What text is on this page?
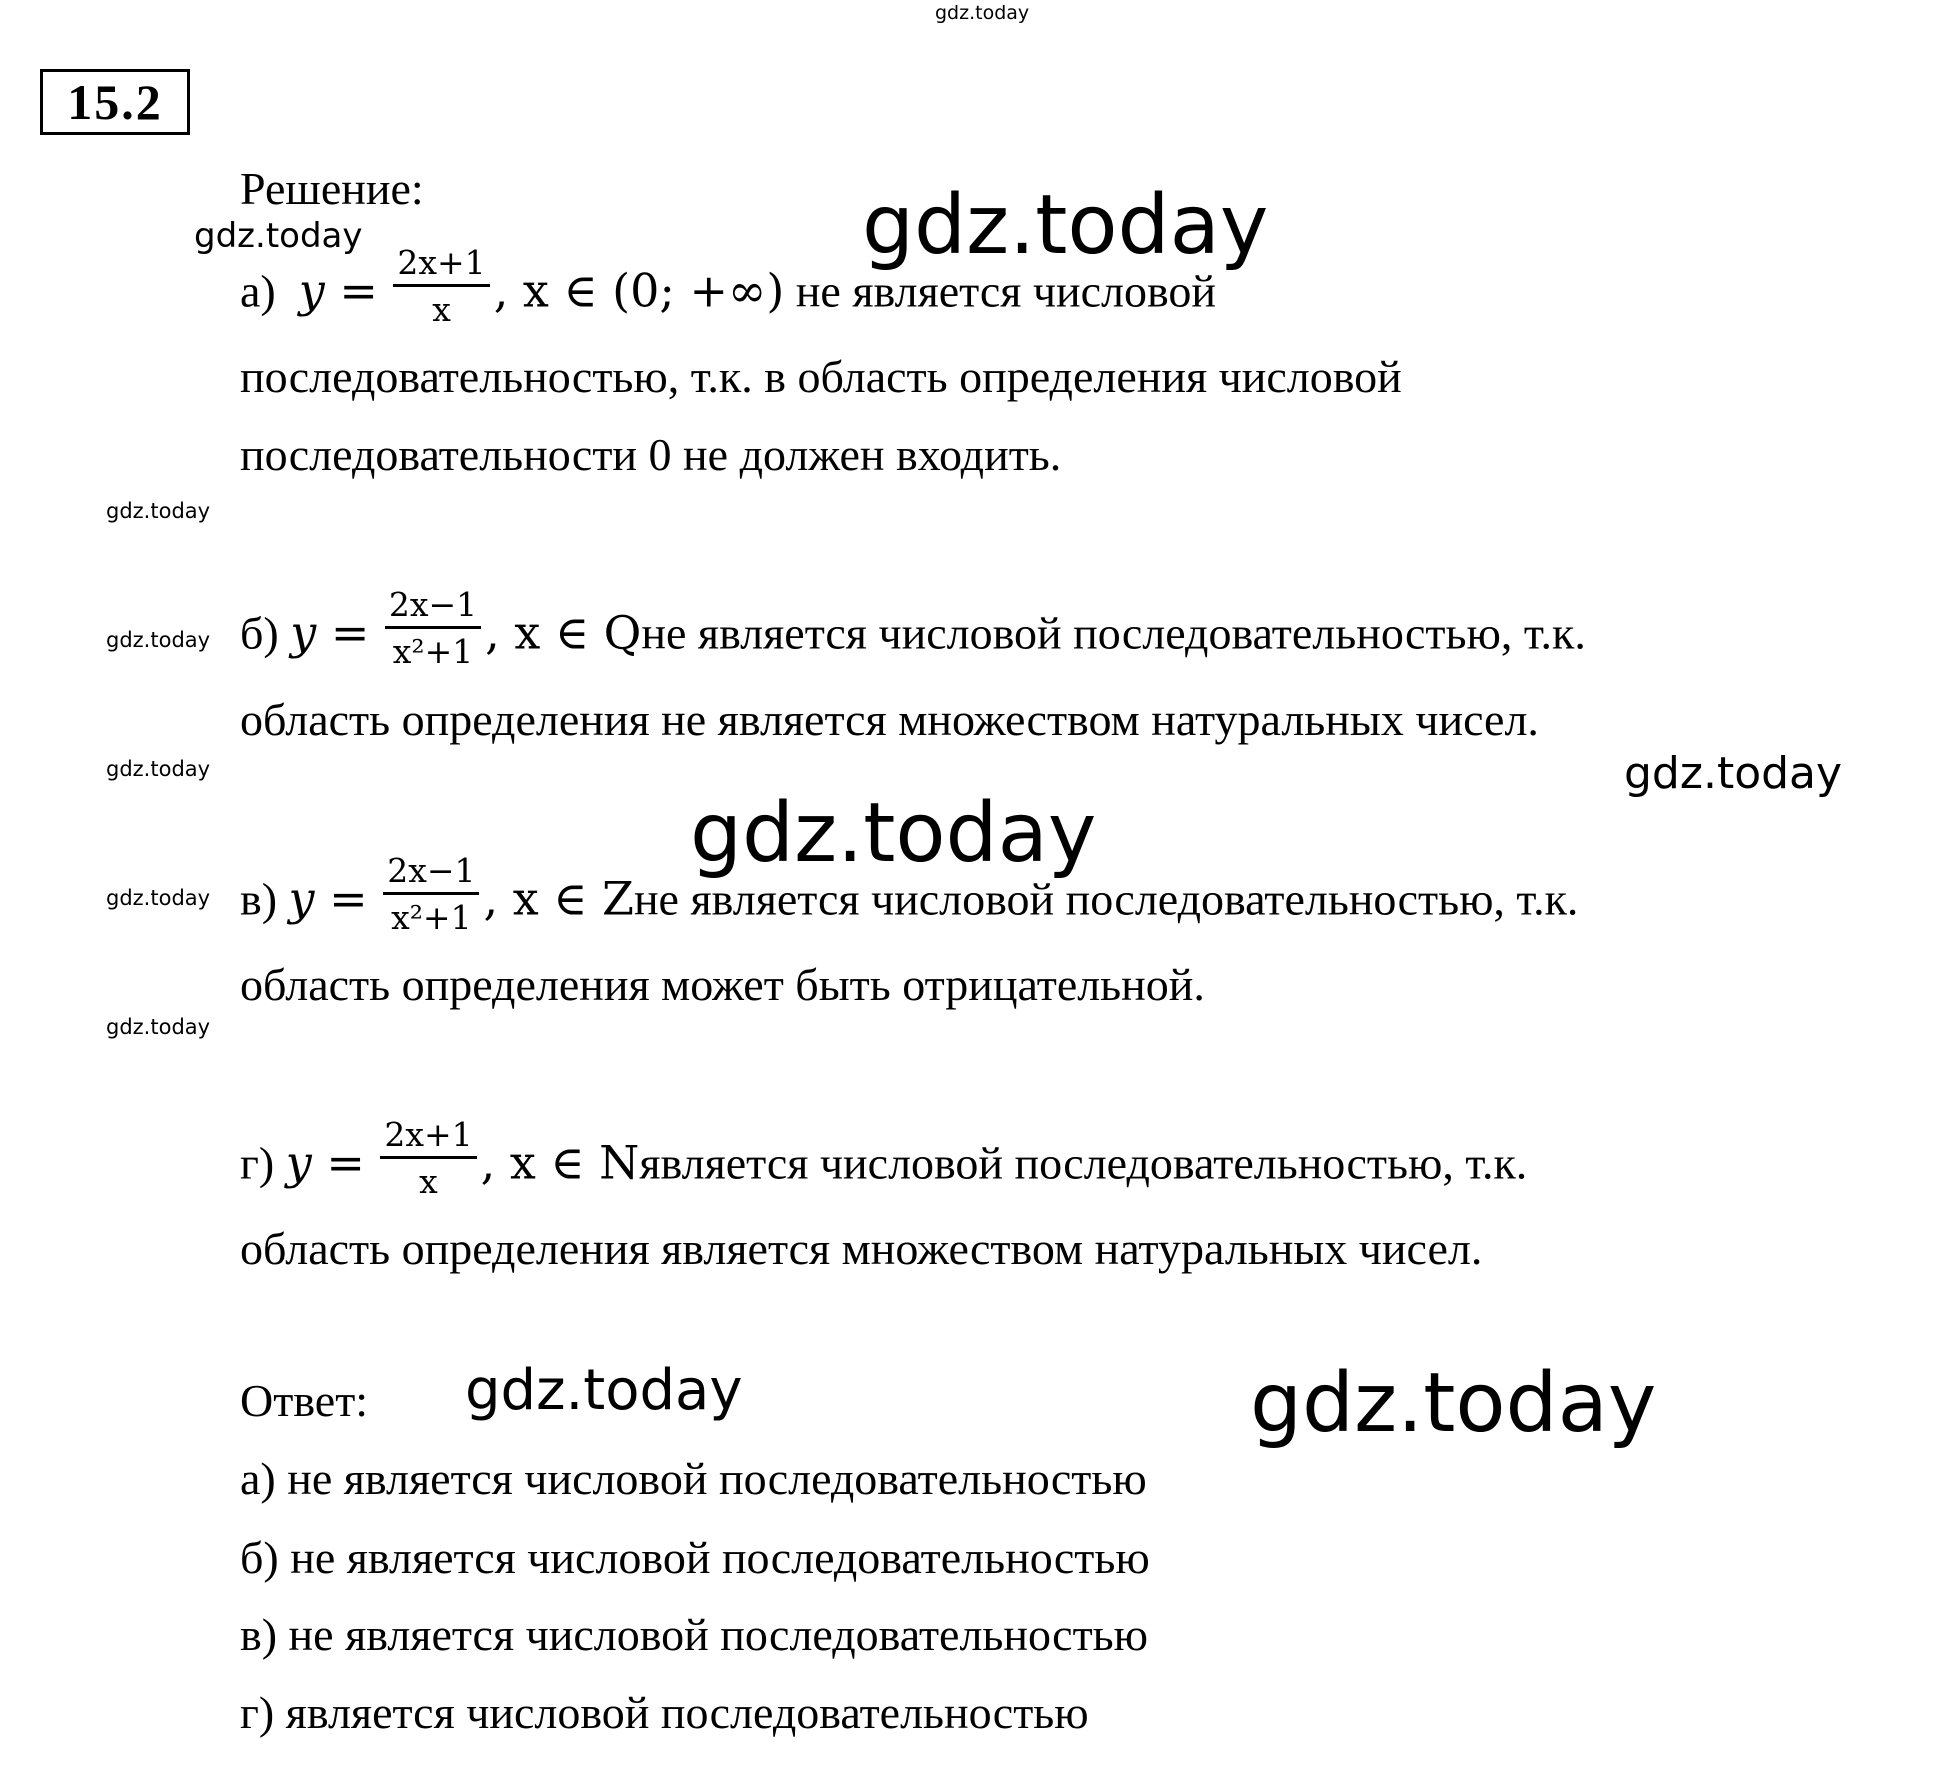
gdz.today
gdz.today
gdz.today
gdz.today
gdz.today
gdz.today	gdz.today
gdz.today
gdz.today
gdz.today
gdz.today	gdz.today
15.2
Решение:
а) $y = \frac{2x+1}{x}$ , x ∈ (0; +∞) не является числовой
последовательностью, т.к. в область определения числовой
последовательности 0 не должен входить.
б) $y = \frac{2x-1}{\text{x²+1}}$ , x ∈ Qне является числовой последовательностью, т.к.
область определения не является множеством натуральных чисел.
в) $y = \frac{2x-1}{\text{x²+1}}$ , x ∈ Zне является числовой последовательностью, т.к.
область определения может быть отрицательной.
г) $y = \frac{2x+1}{x}$ , x ∈ Nявляется числовой последовательностью, т.к.
область определения является множеством натуральных чисел.
Ответ:
а) не является числовой последовательностью
б) не является числовой последовательностью
в) не является числовой последовательностью
г) является числовой последовательностью
